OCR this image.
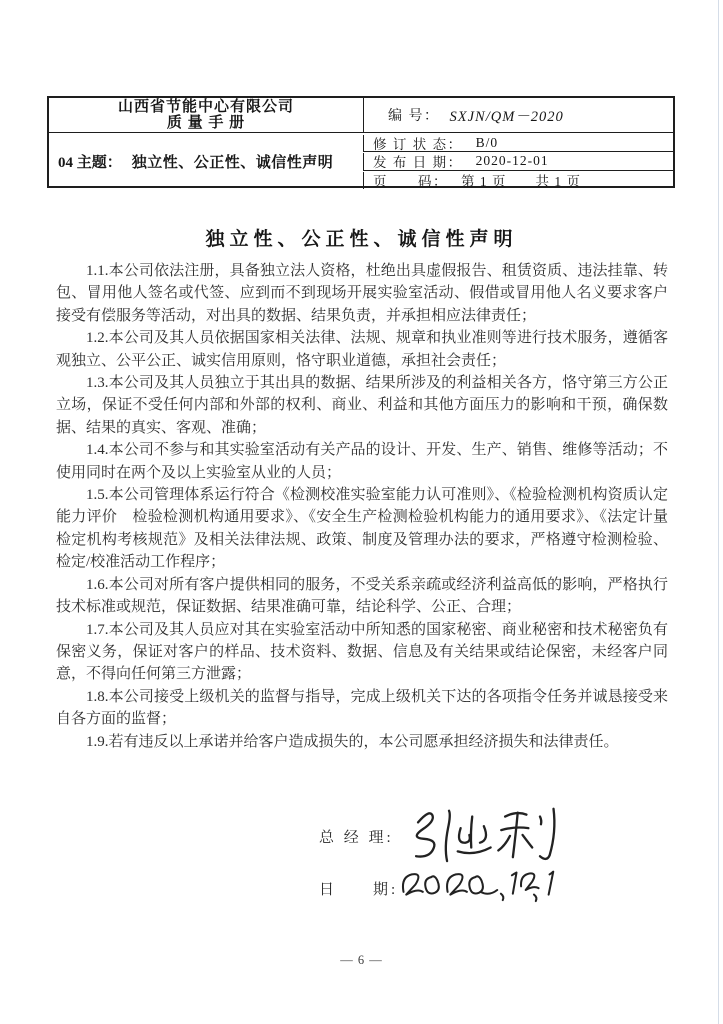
山西省节能中心有限公司
质 量 手 册	编 号： SXJN/QM－2020
04 主题： 独立性、公正性、诚信性声明
修 订 状 态： B/0
发 布 日 期： 2020-12-01
页　　码： 第 1 页　　共 1 页
独立性、公正性、诚信性声明

1.1.本公司依法注册，具备独立法人资格，杜绝出具虚假报告、租赁资质、违法挂靠、转包、冒用他人签名或代签、应到而不到现场开展实验室活动、假借或冒用他人名义要求客户接受有偿服务等活动，对出具的数据、结果负责，并承担相应法律责任；

1.2.本公司及其人员依据国家相关法律、法规、规章和执业准则等进行技术服务，遵循客观独立、公平公正、诚实信用原则，恪守职业道德，承担社会责任；

1.3.本公司及其人员独立于其出具的数据、结果所涉及的利益相关各方，恪守第三方公正立场，保证不受任何内部和外部的权利、商业、利益和其他方面压力的影响和干预，确保数据、结果的真实、客观、准确；

1.4.本公司不参与和其实验室活动有关产品的设计、开发、生产、销售、维修等活动；不使用同时在两个及以上实验室从业的人员；

1.5.本公司管理体系运行符合《检测校准实验室能力认可准则》、《检验检测机构资质认定能力评价　检验检测机构通用要求》、《安全生产检测检验机构能力的通用要求》、《法定计量检定机构考核规范》及相关法律法规、政策、制度及管理办法的要求，严格遵守检测检验、检定/校准活动工作程序；

1.6.本公司对所有客户提供相同的服务，不受关系亲疏或经济利益高低的影响，严格执行技术标准或规范，保证数据、结果准确可靠，结论科学、公正、合理；

1.7.本公司及其人员应对其在实验室活动中所知悉的国家秘密、商业秘密和技术秘密负有保密义务，保证对客户的样品、技术资料、数据、信息及有关结果或结论保密，未经客户同意，不得向任何第三方泄露；

1.8.本公司接受上级机关的监督与指导，完成上级机关下达的各项指令任务并诚恳接受来自各方面的监督；

1.9.若有违反以上承诺并给客户造成损失的，本公司愿承担经济损失和法律责任。

总 经 理:
日　　期:
— 6 —
